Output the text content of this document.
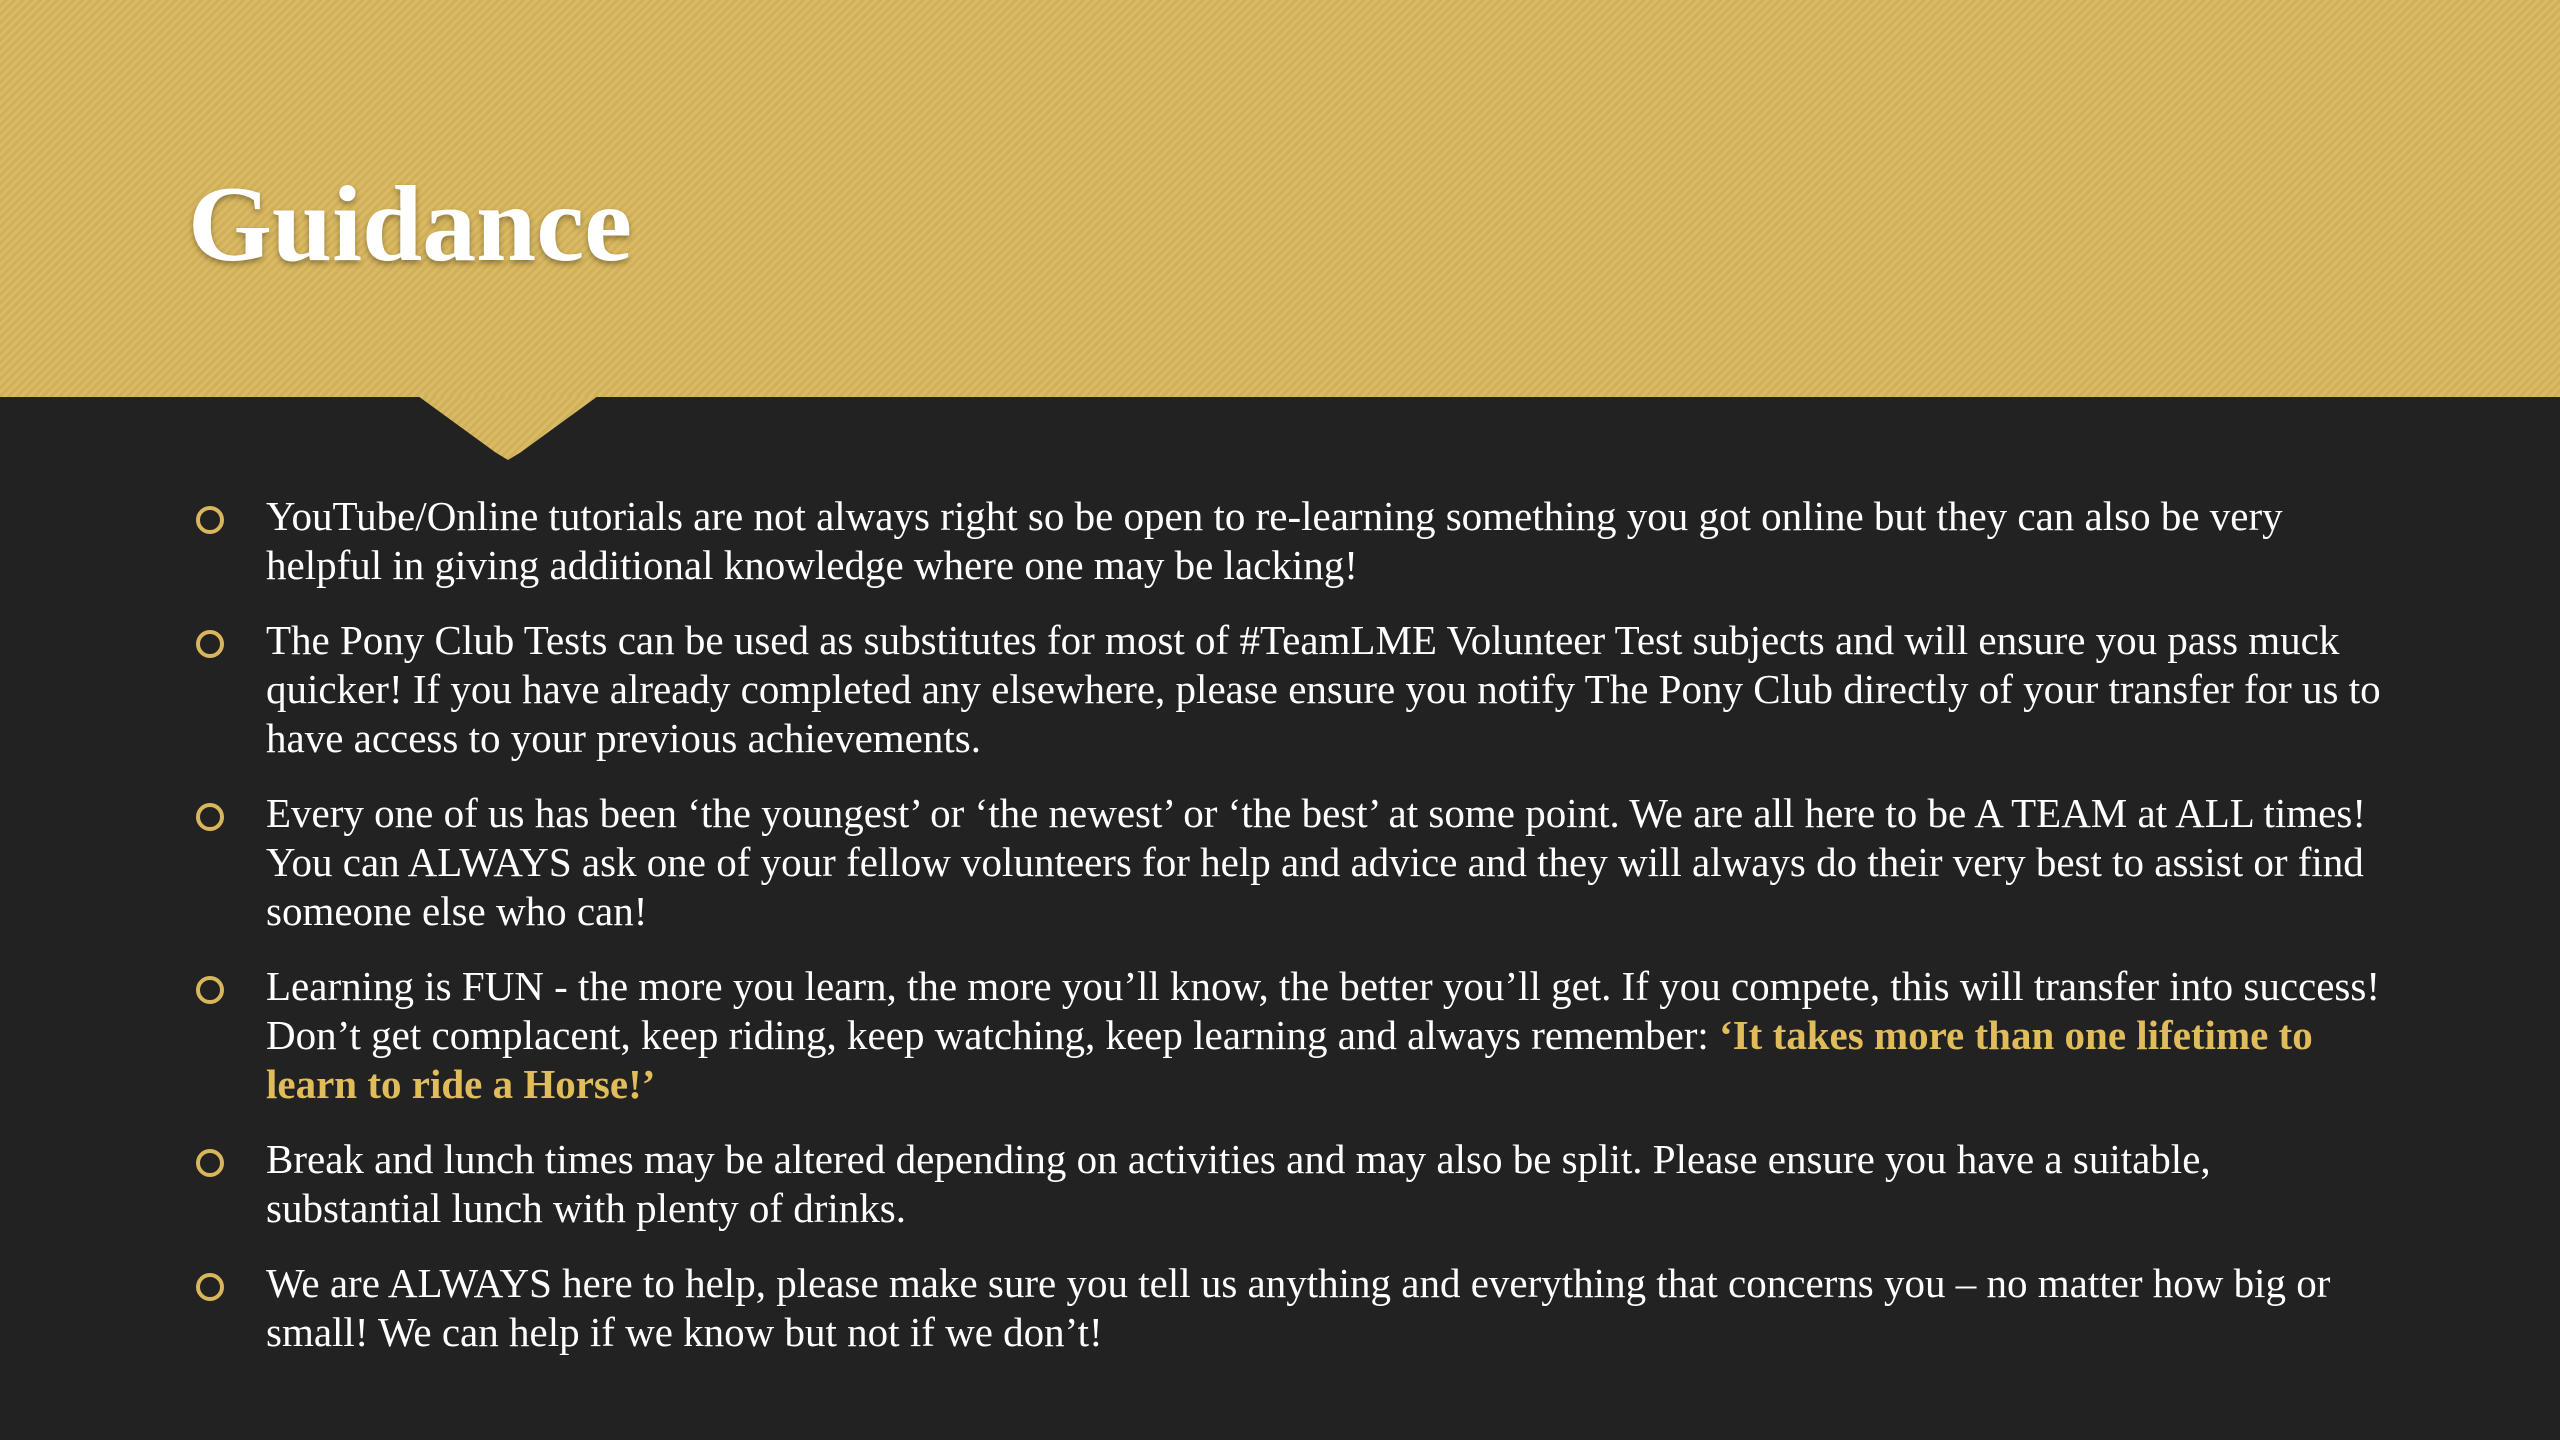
Guidance
YouTube/Online tutorials are not always right so be open to re-learning something you got online but they can also be very helpful in giving additional knowledge where one may be lacking!
The Pony Club Tests can be used as substitutes for most of #TeamLME Volunteer Test subjects and will ensure you pass muck quicker! If you have already completed any elsewhere, please ensure you notify The Pony Club directly of your transfer for us to have access to your previous achievements.
Every one of us has been ‘the youngest’ or ‘the newest’ or ‘the best’ at some point. We are all here to be A TEAM at ALL times! You can ALWAYS ask one of your fellow volunteers for help and advice and they will always do their very best to assist or find someone else who can!
Learning is FUN - the more you learn, the more you’ll know, the better you’ll get. If you compete, this will transfer into success! Don’t get complacent, keep riding, keep watching, keep learning and always remember: ‘It takes more than one lifetime to learn to ride a Horse!’
Break and lunch times may be altered depending on activities and may also be split. Please ensure you have a suitable, substantial lunch with plenty of drinks.
We are ALWAYS here to help, please make sure you tell us anything and everything that concerns you – no matter how big or small! We can help if we know but not if we don’t!
